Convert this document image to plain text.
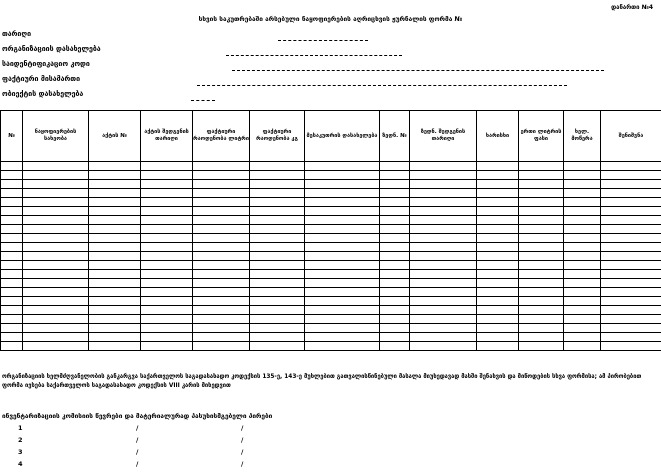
დანართი №4
სხვის საკუთრებაში არსებული ნაყოფიერების აღრიცხვის ჟურნალის ფორმა №
თარიღი
ორგანიზაციის დასახელება
საიდენტიფიკაციო კოდი
ფაქტიური მისამართი
ობიექტის დასახელება
№	ნაყოფიერების სახეობა	აქტის №	აქტის შედგენის თარიღი	ფაქტიური რაოდენობა ლიტრი	ფაქტიური რაოდენობა კგ	მესაკუთრის დასახელება	ზედნ. №	ზედნ. შედგენის თარიღი	ხარისხი	ერთი ლიტრის ფასი	ხელ. მოწერა	შენიშვნა

ორგანიზაციის ხელმძღვანელობის განკარგვა საქართველოს საგადასახადო კოდექსის 135-ე, 143-ე მუხლებით გათვალისწინებული მასალა მიუხედავად მასში შენახვის და მიწოდების სხვა ფორმისა; ამ პირობებით ფორმა ივსება საქართველოს საგადასახადო კოდექსის VIII კარის მიხედვით
ინვენტარიზაციის კომისიის წევრები და მატერიალურად პასუხისმგებელი პირები
1	/	/
2	/	/
3	/	/
4	/	/
